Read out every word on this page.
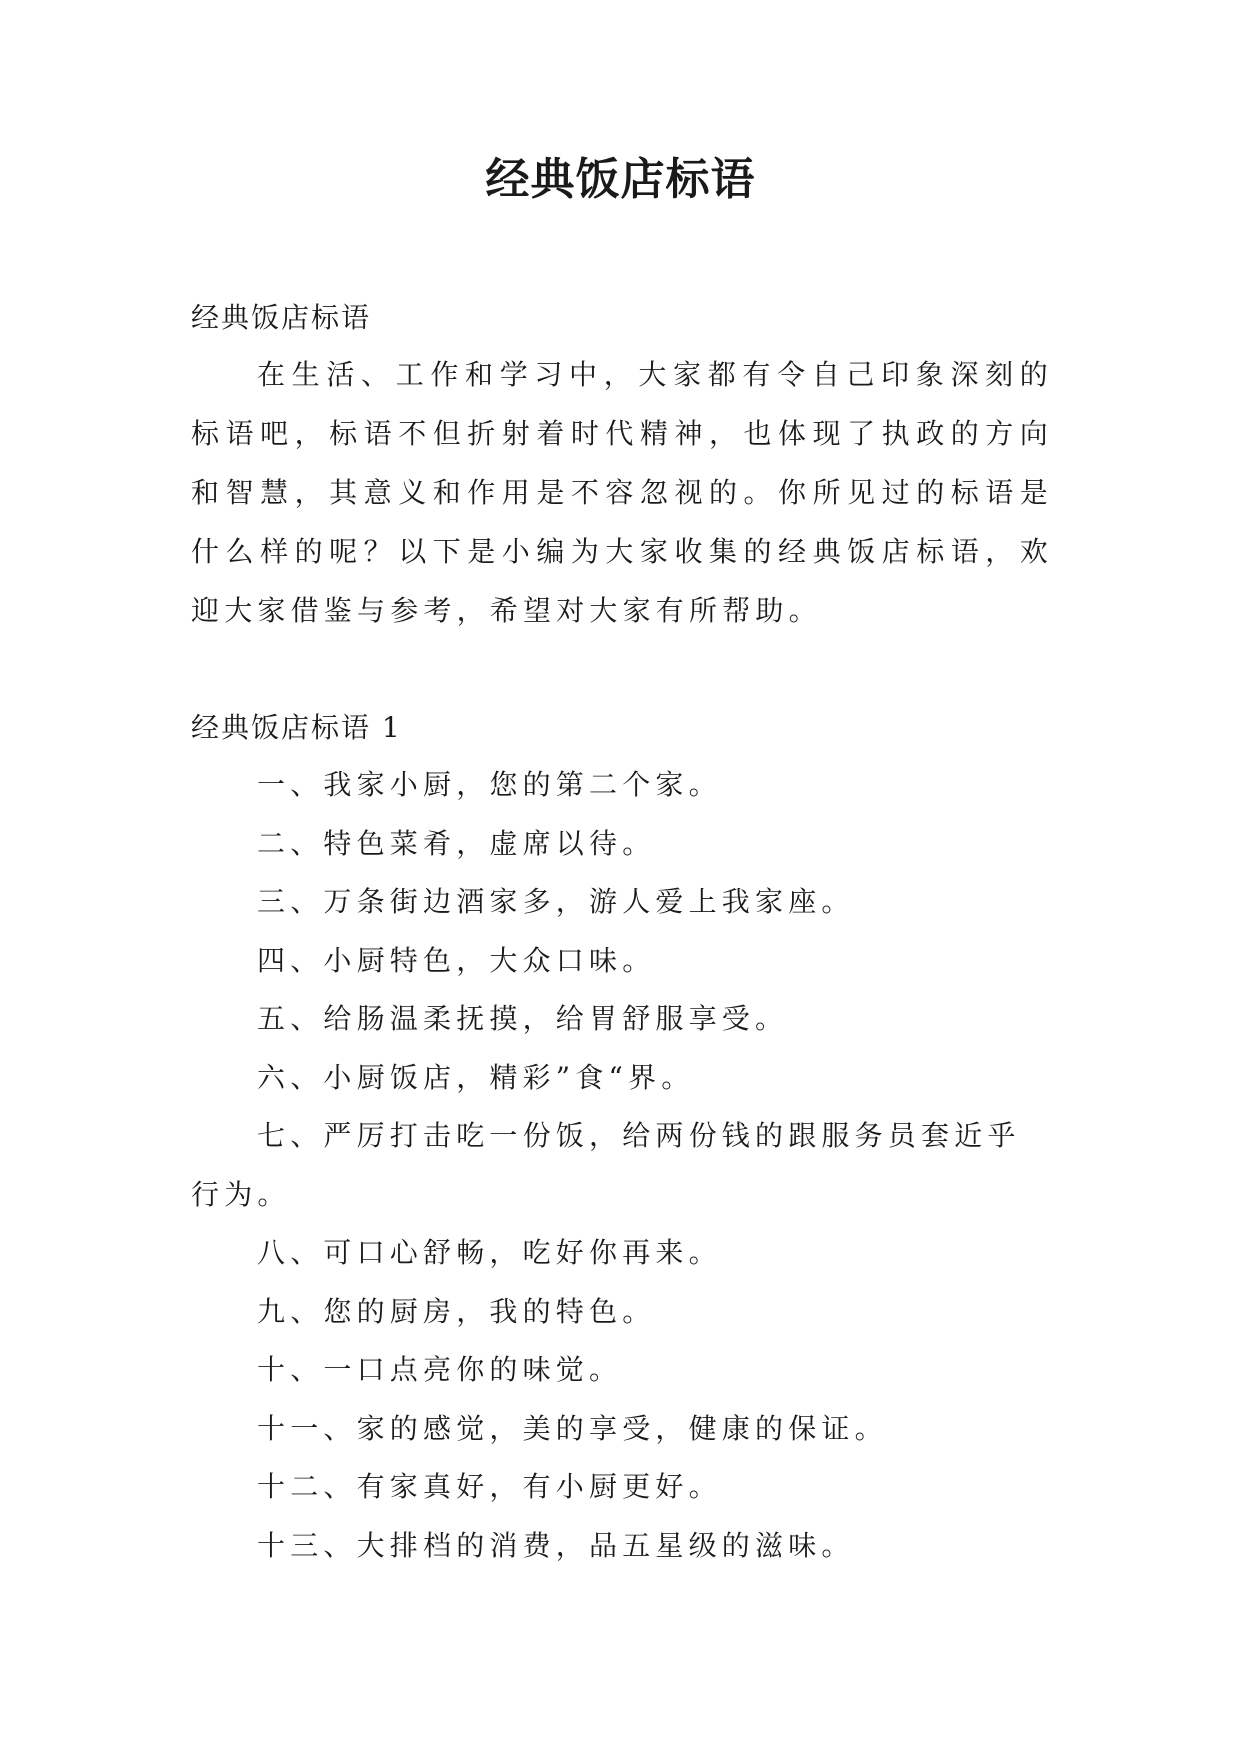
经典饭店标语

经典饭店标语

在生活、工作和学习中，大家都有令自己印象深刻的标语吧，标语不但折射着时代精神，也体现了执政的方向和智慧，其意义和作用是不容忽视的。你所见过的标语是什么样的呢？以下是小编为大家收集的经典饭店标语，欢迎大家借鉴与参考，希望对大家有所帮助。

经典饭店标语 1

一、我家小厨，您的第二个家。
二、特色菜肴，虚席以待。
三、万条街边酒家多，游人爱上我家座。
四、小厨特色，大众口味。
五、给肠温柔抚摸，给胃舒服享受。
六、小厨饭店，精彩”食“界。
七、严厉打击吃一份饭，给两份钱的跟服务员套近乎行为。
八、可口心舒畅，吃好你再来。
九、您的厨房，我的特色。
十、一口点亮你的味觉。
十一、家的感觉，美的享受，健康的保证。
十二、有家真好，有小厨更好。
十三、大排档的消费，品五星级的滋味。
